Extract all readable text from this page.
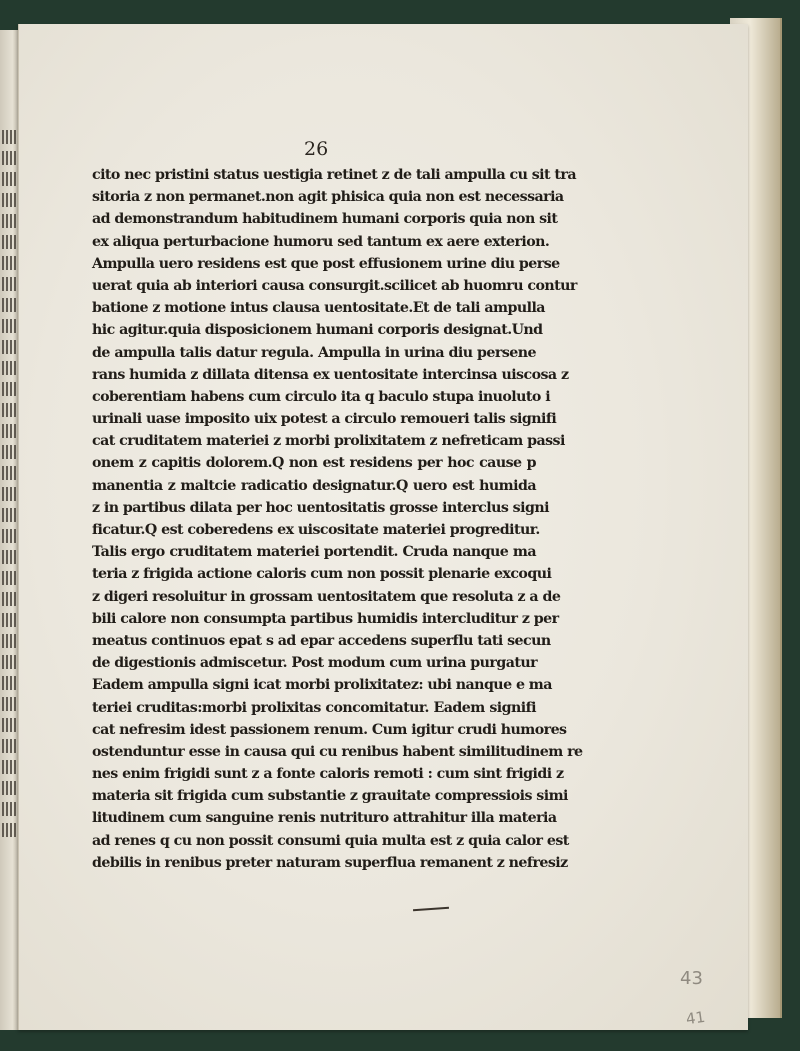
26
cito nec pristini status uestigia retinet z de tali ampulla cu sit tra
sitoria z non permanet.non agit phisica quia non est necessaria
ad demonstrandum habitudinem humani corporis quia non sit
ex aliqua perturbacione humoru sed tantum ex aere exterion.
Ampulla uero residens est que post effusionem urine diu perse
uerat quia ab interiori causa consurgit.scilicet ab huomru contur
batione z motione intus clausa uentositate.Et de tali ampulla
hic agitur.quia disposicionem humani corporis designat.Und
de ampulla talis datur regula. Ampulla in urina diu persene
rans humida z dillata ditensa ex uentositate intercinsa uiscosa z
coberentiam habens cum circulo ita q baculo stupa inuoluto i
urinali uase imposito uix potest a circulo remoueri talis signifi
cat cruditatem materiei z morbi prolixitatem z nefreticam passi
onem z capitis dolorem.Q non est residens per hoc cause p
manentia z maltcie radicatio designatur.Q uero est humida
z in partibus dilata per hoc uentositatis grosse interclus signi
ficatur.Q est coberedens ex uiscositate materiei progreditur.
Talis ergo cruditatem materiei portendit. Cruda nanque ma
teria z frigida actione caloris cum non possit plenarie excoqui
z digeri resoluitur in grossam uentositatem que resoluta z a de
bili calore non consumpta partibus humidis intercluditur z per
meatus continuos epat s ad epar accedens superflu tati secun
de digestionis admiscetur. Post modum cum urina purgatur
Eadem ampulla signi icat morbi prolixitatez: ubi nanque e ma
teriei cruditas:morbi prolixitas concomitatur. Eadem signifi
cat nefresim idest passionem renum. Cum igitur crudi humores
ostenduntur esse in causa qui cu renibus habent similitudinem re
nes enim frigidi sunt z a fonte caloris remoti : cum sint frigidi z
materia sit frigida cum substantie z grauitate compressiois simi
litudinem cum sanguine renis nutrituro attrahitur illa materia
ad renes q cu non possit consumi quia multa est z quia calor est
debilis in renibus preter naturam superflua remanent z nefresiz
43
41
